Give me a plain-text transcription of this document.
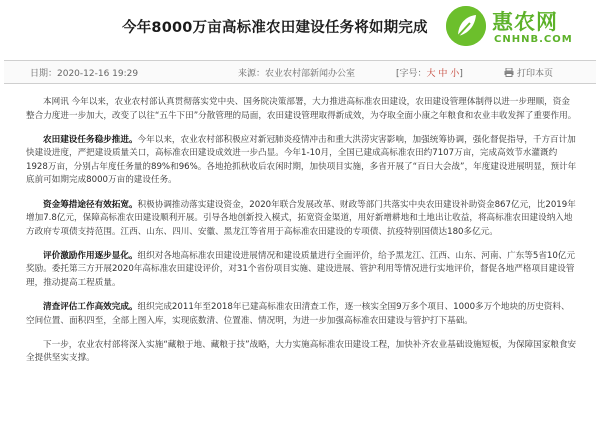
今年8000万亩高标准农田建设任务将如期完成	惠农网
CNHNB.COM
日期：2020-12-16 19:29	来源：农业农村部新闻办公室	[字号：大 中 小]	打印本页

本网讯 今年以来，农业农村部认真贯彻落实党中央、国务院决策部署，大力推进高标准农田建设，农田建设管理体制得以进一步理顺，资金整合力度进一步加大，改变了以往“五牛下田”分散管理的局面，农田建设管理取得新成效，为夺取全面小康之年粮食和农业丰收发挥了重要作用。

农田建设任务稳步推进。今年以来，农业农村部积极应对新冠肺炎疫情冲击和重大洪涝灾害影响，加强统筹协调，强化督促指导，千方百计加快建设进度，严把建设质量关口，高标准农田建设成效进一步凸显。今年1-10月，全国已建成高标准农田约7107万亩，完成高效节水灌溉约1928万亩，分别占年度任务量的89%和96%。各地抢抓秋收后农闲时期，加快项目实施，多省开展了“百日大会战”，年度建设进展明显，预计年底前可如期完成8000万亩的建设任务。

资金筹措途径有效拓宽。积极协调推动落实建设资金，2020年联合发展改革、财政等部门共落实中央农田建设补助资金867亿元，比2019年增加7.8亿元，保障高标准农田建设顺利开展。引导各地创新投入模式，拓宽资金渠道，用好新增耕地和土地出让收益，将高标准农田建设纳入地方政府专项债支持范围。江西、山东、四川、安徽、黑龙江等省用于高标准农田建设的专项债、抗疫特别国债达180多亿元。

评价激励作用逐步显化。组织对各地高标准农田建设进展情况和建设质量进行全面评价，给予黑龙江、江西、山东、河南、广东等5省10亿元奖励。委托第三方开展2020年高标准农田建设评价，对31个省份项目实施、建设进展、管护利用等情况进行实地评价，督促各地严格项目建设管理，推动提高工程质量。

清查评估工作高效完成。组织完成2011年至2018年已建高标准农田清查工作，逐一核实全国9万多个项目、1000多万个地块的历史资料、空间位置、面积四至，全部上图入库，实现底数清、位置准、情况明，为进一步加强高标准农田建设与管护打下基础。

下一步，农业农村部将深入实施“藏粮于地、藏粮于技”战略，大力实施高标准农田建设工程，加快补齐农业基础设施短板，为保障国家粮食安全提供坚实支撑。
